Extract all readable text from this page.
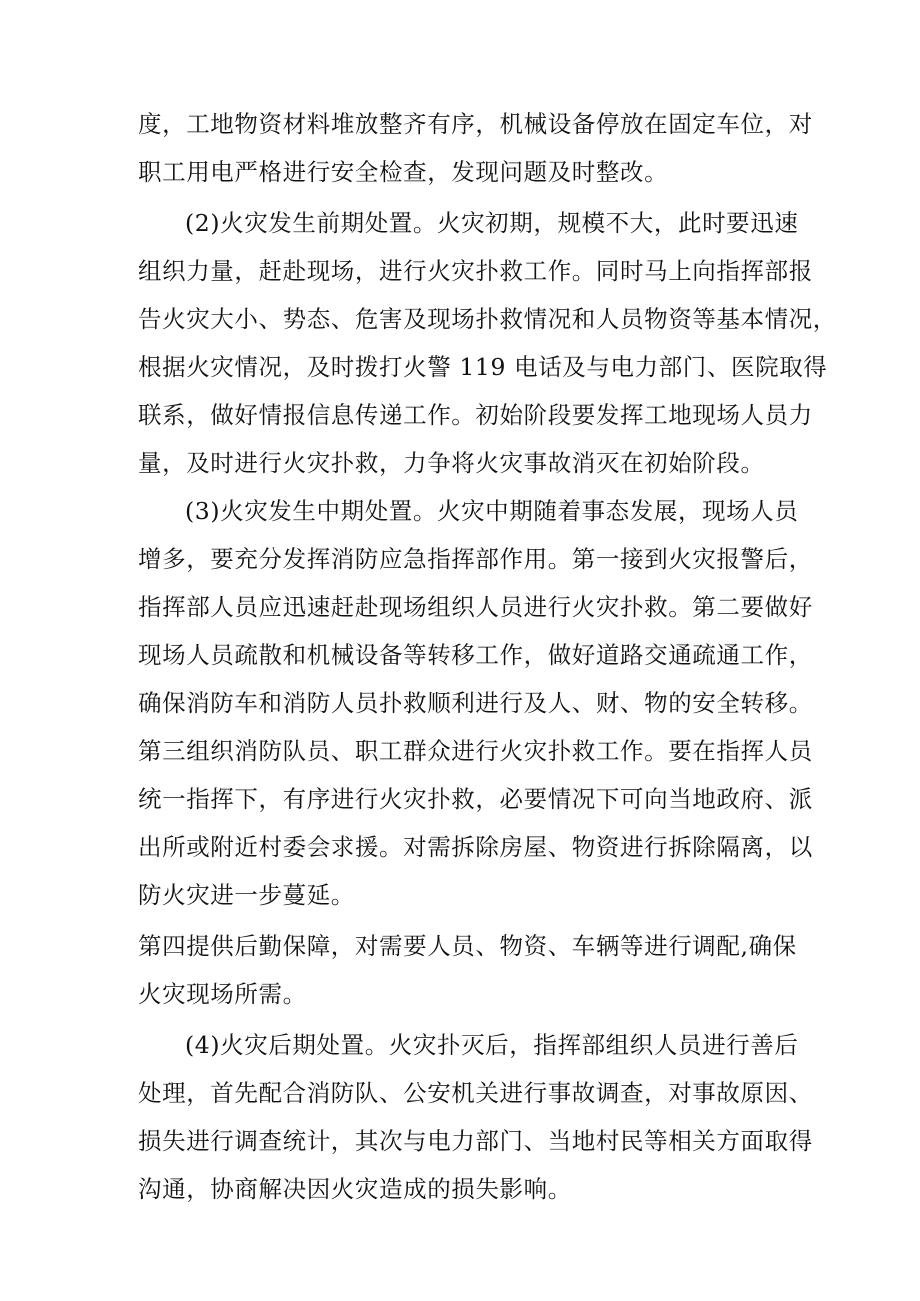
度，工地物资材料堆放整齐有序，机械设备停放在固定车位，对
职工用电严格进行安全检查，发现问题及时整改。
(2)火灾发生前期处置。火灾初期，规模不大，此时要迅速
组织力量，赶赴现场，进行火灾扑救工作。同时马上向指挥部报
告火灾大小、势态、危害及现场扑救情况和人员物资等基本情况，
根据火灾情况，及时拨打火警 119 电话及与电力部门、医院取得
联系，做好情报信息传递工作。初始阶段要发挥工地现场人员力
量，及时进行火灾扑救，力争将火灾事故消灭在初始阶段。
(3)火灾发生中期处置。火灾中期随着事态发展，现场人员
增多，要充分发挥消防应急指挥部作用。第一接到火灾报警后，
指挥部人员应迅速赶赴现场组织人员进行火灾扑救。第二要做好
现场人员疏散和机械设备等转移工作，做好道路交通疏通工作，
确保消防车和消防人员扑救顺利进行及人、财、物的安全转移。
第三组织消防队员、职工群众进行火灾扑救工作。要在指挥人员
统一指挥下，有序进行火灾扑救，必要情况下可向当地政府、派
出所或附近村委会求援。对需拆除房屋、物资进行拆除隔离，以
防火灾进一步蔓延。
第四提供后勤保障，对需要人员、物资、车辆等进行调配,确保
火灾现场所需。
(4)火灾后期处置。火灾扑灭后，指挥部组织人员进行善后
处理，首先配合消防队、公安机关进行事故调查，对事故原因、
损失进行调查统计，其次与电力部门、当地村民等相关方面取得
沟通，协商解决因火灾造成的损失影响。
